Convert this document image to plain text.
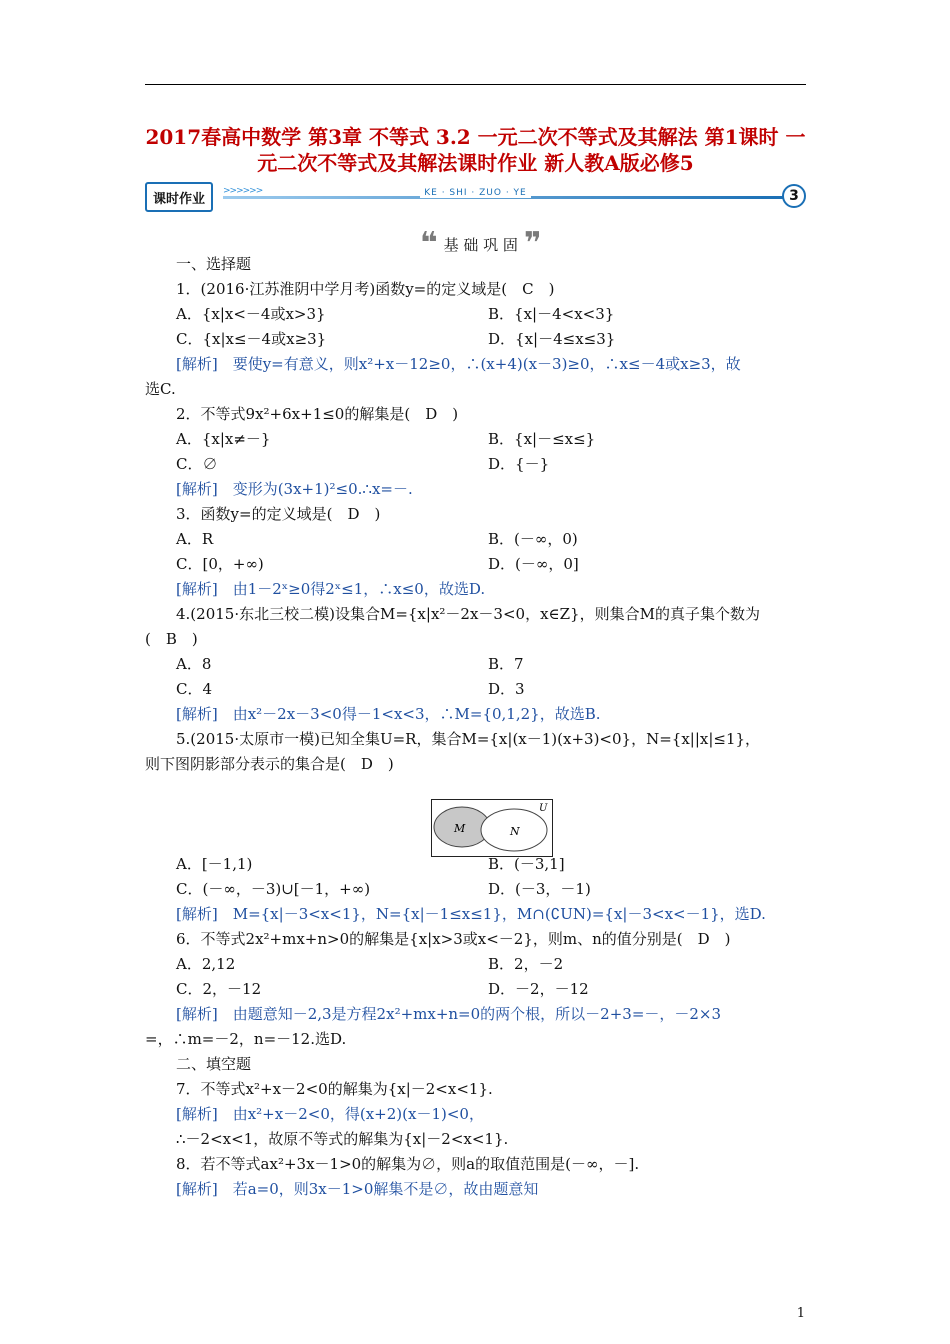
2017春高中数学 第3章 不等式 3.2 一元二次不等式及其解法 第1课时 一元二次不等式及其解法课时作业 新人教A版必修5
课时作业
>>>>>>	KE · SHI · ZUO · YE	3
❝ 基 础 巩 固 ❞
一、选择题
1．(2016·江苏淮阴中学月考)函数y=的定义域是(　C　)
A．{x|x<－4或x>3}	B．{x|－4<x<3}
C．{x|x≤－4或x≥3}	D．{x|－4≤x≤3}
[解析]　要使y=有意义，则x²+x－12≥0，∴(x+4)(x－3)≥0，∴x≤－4或x≥3，故
选C.
2．不等式9x²+6x+1≤0的解集是(　D　)
A．{x|x≠－}	B．{x|－≤x≤}
C．∅	D．{－}
[解析]　变形为(3x+1)²≤0.∴x=－.
3．函数y=的定义域是(　D　)
A．R	B．(－∞，0)
C．[0，+∞)	D．(－∞，0]
[解析]　由1－2ˣ≥0得2ˣ≤1，∴x≤0，故选D.
4.(2015·东北三校二模)设集合M={x|x²－2x－3<0，x∈Z}，则集合M的真子集个数为
(　B　)
A．8	B．7
C．4	D．3
[解析]　由x²－2x－3<0得－1<x<3，∴M={0,1,2}，故选B.
5.(2015·太原市一模)已知全集U=R，集合M={x|(x－1)(x+3)<0}，N={x||x|≤1}，
则下图阴影部分表示的集合是(　D　)
A．[－1,1)	B．(－3,1]
C．(－∞，－3)∪[－1，+∞)	D．(－3，－1)
[解析]　M={x|－3<x<1}，N={x|－1≤x≤1}，M∩(∁UN)={x|－3<x<－1}，选D.
6．不等式2x²+mx+n>0的解集是{x|x>3或x<－2}，则m、n的值分别是(　D　)
A．2,12	B．2，－2
C．2，－12	D．－2，－12
[解析]　由题意知－2,3是方程2x²+mx+n=0的两个根，所以－2+3=－，－2×3
=，∴m=－2，n=－12.选D.
二、填空题
7．不等式x²+x－2<0的解集为{x|－2<x<1}.
[解析]　由x²+x－2<0，得(x+2)(x－1)<0，
∴－2<x<1，故原不等式的解集为{x|－2<x<1}.
8．若不等式ax²+3x－1>0的解集为∅，则a的取值范围是(－∞，－].
[解析]　若a=0，则3x－1>0解集不是∅，故由题意知
M	N
U
1
